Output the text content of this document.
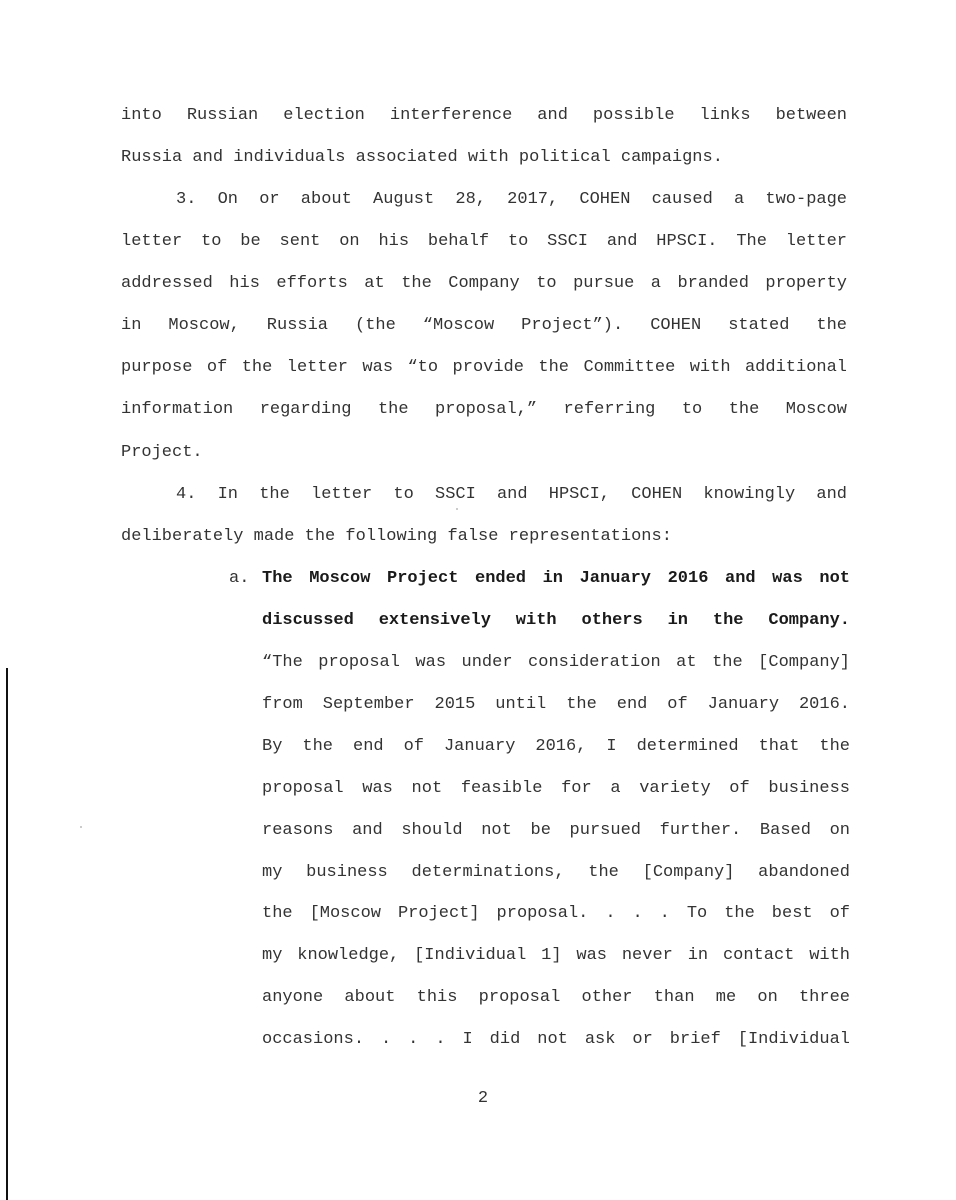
into Russian election interference and possible links between
Russia and individuals associated with political campaigns.
3. On or about August 28, 2017, COHEN caused a two-page
letter to be sent on his behalf to SSCI and HPSCI. The letter
addressed his efforts at the Company to pursue a branded property
in Moscow, Russia (the “Moscow Project”). COHEN stated the
purpose of the letter was “to provide the Committee with additional
information regarding the proposal,” referring to the Moscow
Project.
4. In the letter to SSCI and HPSCI, COHEN knowingly and
deliberately made the following false representations:
a. The Moscow Project ended in January 2016 and was not
discussed extensively with others in the Company.
“The proposal was under consideration at the [Company]
from September 2015 until the end of January 2016.
By the end of January 2016, I determined that the
proposal was not feasible for a variety of business
reasons and should not be pursued further. Based on
my business determinations, the [Company] abandoned
the [Moscow Project] proposal. . . . To the best of
my knowledge, [Individual 1] was never in contact with
anyone about this proposal other than me on three
occasions. . . . I did not ask or brief [Individual
2
